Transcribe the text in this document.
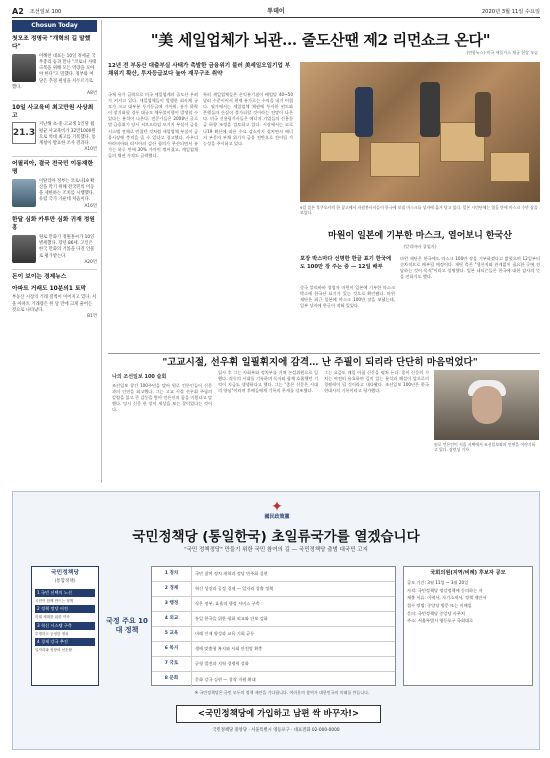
A2 조선일보 100	투데이	2020년 3월 11일 수요일
Chosun Today
첫모조 정명국 "개혁의 길 말했다"
이해찬 대표는 10일 정세균 국무총리 등과 만나 "코로나 사태 극복을 위해 모든 역량을 모아야 한다"고 말했다. 정부와 여당은 추경 편성을 서두르기로 했다.
A8면
10일 사교육비 최고만원 사상최고
21.3
지난해 초·중·고교생 1인당 월평균 사교육비가 32만1000원으로 역대 최고를 기록했다. 통계청이 발표한 조사 결과다.
A10면
어필리아, 결국 전국민 이동재한명
이탈리아 정부는 코로나19 확산을 막기 위해 전국민의 이동을 제한하는 조치를 시행했다. 유럽 국가 가운데 처음이다.
A16면
한달 심화 카루만 심화 귀재 정원홍
원로 만화가 정원홍씨가 10일 별세했다. 향년 86세. 고인은 한국 만화의 기틀을 다진 인물로 평가받는다.
A20면
돈이 보이는 경제뉴스
아파트 거래도 10분의1 토막
부동산 시장의 거래 절벽이 이어지고 있다. 서울 아파트 거래량은 한 달 만에 크게 줄어든 것으로 나타났다.
B1면
"美 세일업체가 뇌관… 줄도산땐 제2 리먼쇼크 온다"
(연합뉴스)-미국 셰일가스 채굴 현장 모습
12년 전 부동산 대출부실 사태가 촉발한 금융위기 불러 美셰일오일기업 부채위기 확산, 투자등급보다 높아 재무구조 취약
국제 유가 급락으로 미국 셰일업계의 줄도산 우려가 커지고 있다. 셰일업체들이 발행한 회사채 규모가 크고 대부분 투기등급에 가까워, 유가 하락이 장기화될 경우 대규모 채무불이행이 발생할 수 있다는 분석이 나온다. 전문가들은 2008년 글로벌 금융위기 당시 서브프라임 모기지 부실이 금융 시스템 전체로 번졌던 것처럼 셰일업체 부실이 금융시장에 충격을 줄 수 있다고 경고했다. 사우디아라비아와 러시아의 감산 합의가 무산되면서 유가는 하루 만에 30% 가까이 떨어졌고, 셰일업체들의 채권 가격도 급락했다.
특히 셰일업체들은 손익분기점이 배럴당 40~50달러 수준이어서 현재 유가로는 수익을 내기 어렵다. 월가에서는 셰일업체 채권에 투자한 펀드와 은행들의 손실이 불가피할 것이라는 전망이 나온다. 미국 신용평가사들은 에너지 기업들의 신용등급 하향 조정을 검토하고 있다. 시장에서는 코로나19 확산에 따른 수요 감소까지 겹치면서 에너지 부문의 부채 위기가 금융 전반으로 전이될 가능성을 주시하고 있다.
9일 일본 후쿠오카의 한 창고에서 자원봉사자들이 한국에 보낼 마스크를 상자에 옮겨 담고 있다. 일본 시민단체는 열흘 만에 마스크 수만 장을 모았다.
마원이 일본에 기부한 마스크, 열어보니 한국산
(알리바바 창업자)
포장 박스마다 선명한 한글 표기 한국에도 100만 장 주는 중 — 12일 배부
중국 알리바바 창업자 마윈이 일본에 기부한 마스크 박스에 한국산 표기가 있는 것으로 확인됐다. 마윈 재단은 최근 일본에 마스크 100만 장을 보냈는데, 일부 상자에 한글이 적혀 있었다.
마윈 재단은 한국에도 마스크 100만 장을 기부하겠다고 밝혔으며 12일부터 순차적으로 배부될 예정이다. 재단 측은 "생산지와 관계없이 필요한 곳에 전달하는 것이 목적"이라고 설명했다. 일본 네티즌들은 한국에 대한 감사의 뜻을 전하기도 했다.
"고교시절, 선우휘 일필휘지에 감격… 난 주필이 되리라 단단히 마음먹었다"
나의 조선일보 100 술회
조선일보 창간 100주년을 맞아 원로 언론인들이 신문과의 인연을 회고했다. 그는 고교 시절 선우휘 주필의 칼럼을 읽고 큰 감동을 받아 언론인의 꿈을 키웠다고 말했다. 당시 신문 한 장이 세상을 보는 창이었다는 것이다.
입사 후 그는 사회부와 정치부를 거쳐 논설위원으로 일했다. 격동의 시대를 기록하며 독자와 함께 호흡했던 기억이 지금도 생생하다고 했다. 그는 "좋은 신문은 시대의 양심"이라며 후배들에게 기록의 무게를 강조했다.
그는 요즘도 매일 아침 신문을 펼쳐 든다. 종이 신문의 가치는 여전히 유효하며 깊이 있는 분석과 해설이 앞으로의 경쟁력이 될 것이라고 내다봤다. 조선일보 100년은 한국 현대사의 기록이라고 평가했다.
원로 언론인이 서울 자택에서 조선일보와의 인연을 이야기하고 있다. 장련성 기자
✦
國民政策黨
국민정책당 (통일한국) 초일류국가를 열겠습니다
"국민 정책정당" 만들기 위한 국민 참여의 길 — 국민정책당 출범 대국민 고지
국민정책당
(통합정책)
1 국민 선택의 노선
국민이 함께 만드는 정책
2 정책 정당 비전
미래 세대를 위한 약속
3 혁신 시스템 구축
투명하고 공정한 정치
4 경제 강국 추진
일자리와 성장의 선순환
국정 주요 10대 정책
1 정치	국민 참여 정치 개혁과 정당 민주화 실현
2 경제	혁신 성장과 공정 경제 — 일자리 창출 정책
3 행정	작은 정부, 효율적 행정 서비스 구축
4 외교	통일 한국을 위한 평화 외교와 안보 강화
5 교육	미래 인재 양성과 교육 기회 균등
6 복지	생애 맞춤형 복지와 사회 안전망 확충
7 국토	균형 발전과 지역 경쟁력 강화
8 문화	문화 강국 실현 — 창작 지원 확대
국회의원(지역/비례) 후보자 공모
공모 기간: 3월 11일 ~ 3월 20일
자격: 국민정책당 정강정책에 동의하는 자
제출 서류: 이력서, 자기소개서, 정책 제안서
접수 방법: 중앙당 방문 또는 이메일
문의: 국민정책당 중앙당 사무처
주소: 서울특별시 영등포구 국회대로
※ 국민정책당은 국민 모두의 정책 제안을 기다립니다. 여러분의 참여가 대한민국의 미래를 만듭니다.
<국민정책당에 가입하고 남편 싹 바꾸자!>
국민정책당 중앙당 · 서울특별시 영등포구 · 대표전화 02-000-0000
